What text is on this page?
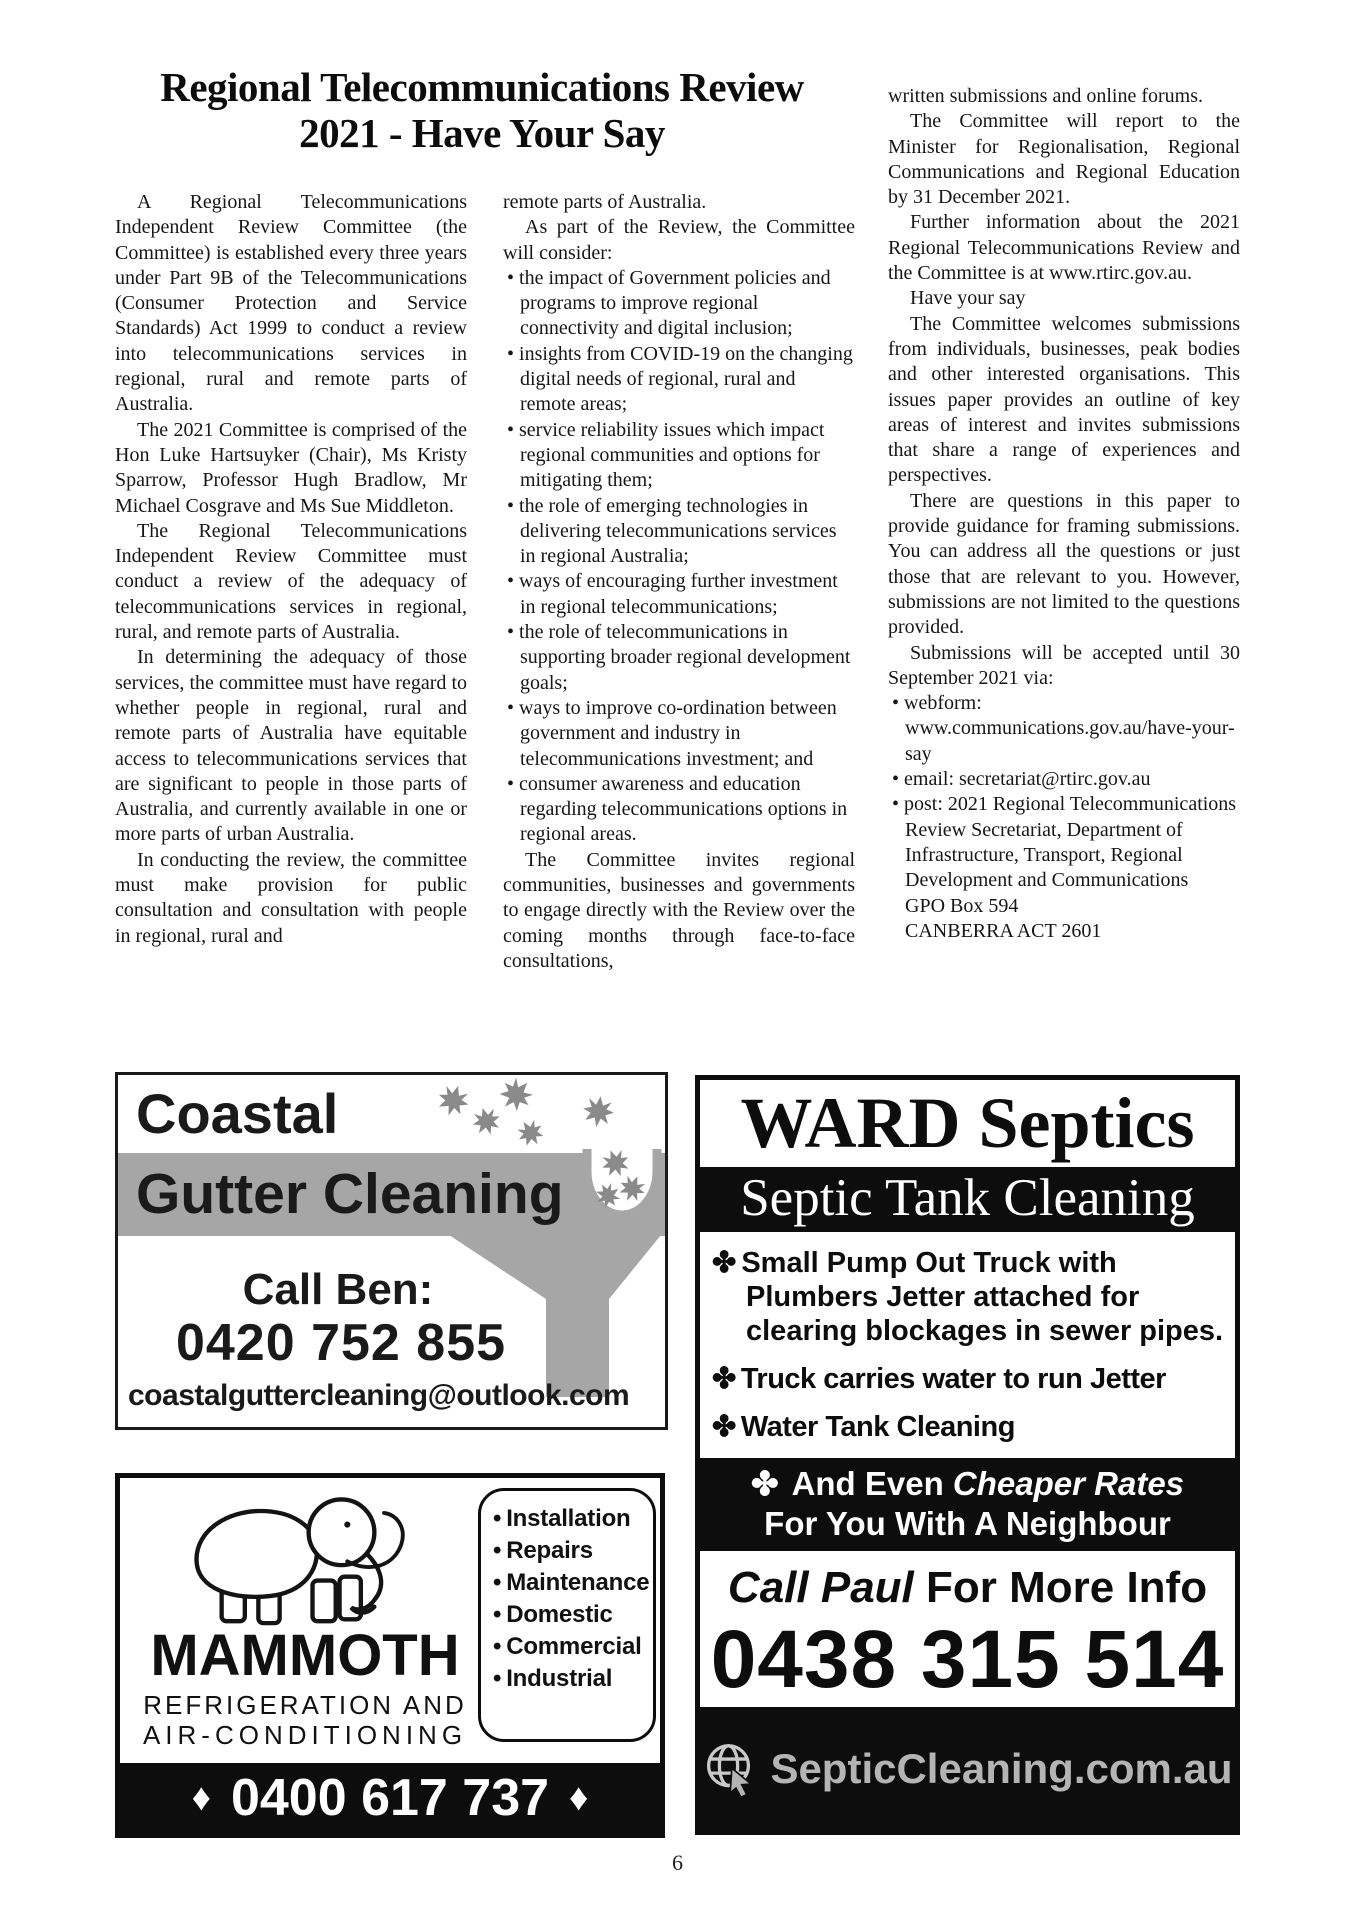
Regional Telecommunications Review
2021 - Have Your Say

A Regional Telecommunications Independent Review Committee (the Committee) is established every three years under Part 9B of the Telecommunications (Consumer Protection and Service Standards) Act 1999 to conduct a review into telecommunications services in regional, rural and remote parts of Australia.

The 2021 Committee is comprised of the Hon Luke Hartsuyker (Chair), Ms Kristy Sparrow, Professor Hugh Bradlow, Mr Michael Cosgrave and Ms Sue Middleton.

The Regional Telecommunications Independent Review Committee must conduct a review of the adequacy of telecommunications services in regional, rural, and remote parts of Australia.

In determining the adequacy of those services, the committee must have regard to whether people in regional, rural and remote parts of Australia have equitable access to telecommunications services that are significant to people in those parts of Australia, and currently available in one or more parts of urban Australia.

In conducting the review, the committee must make provision for public consultation and consultation with people in regional, rural and

remote parts of Australia.

As part of the Review, the Committee will consider:

• the impact of Government policies and programs to improve regional connectivity and digital inclusion;

• insights from COVID-19 on the changing digital needs of regional, rural and remote areas;

• service reliability issues which impact regional communities and options for mitigating them;

• the role of emerging technologies in delivering telecommunications services in regional Australia;

• ways of encouraging further investment in regional telecommunications;

• the role of telecommunications in supporting broader regional development goals;

• ways to improve co-ordination between government and industry in telecommunications investment; and

• consumer awareness and education regarding telecommunications options in regional areas.

The Committee invites regional communities, businesses and governments to engage directly with the Review over the coming months through face-to-face consultations,

written submissions and online forums.

The Committee will report to the Minister for Regionalisation, Regional Communications and Regional Education by 31 December 2021.

Further information about the 2021 Regional Telecommunications Review and the Committee is at www.rtirc.gov.au.

Have your say

The Committee welcomes submissions from individuals, businesses, peak bodies and other interested organisations. This issues paper provides an outline of key areas of interest and invites submissions that share a range of experiences and perspectives.

There are questions in this paper to provide guidance for framing submissions. You can address all the questions or just those that are relevant to you. However, submissions are not limited to the questions provided.

Submissions will be accepted until 30 September 2021 via:

• webform: www.communications.gov.au/have-your-say

• email: secretariat@rtirc.gov.au

• post: 2021 Regional Telecommunications Review Secretariat, Department of Infrastructure, Transport, Regional Development and Communications

GPO Box 594

CANBERRA ACT 2601

Coastal
Gutter Cleaning
Call Ben:
0420 752 855
coastalguttercleaning@outlook.com
WARD Septics
Septic Tank Cleaning

✤ Small Pump Out Truck with Plumbers Jetter attached for clearing blockages in sewer pipes.

✤ Truck carries water to run Jetter

✤ Water Tank Cleaning

✤ And Even Cheaper Rates
For You With A Neighbour
Call Paul For More Info
0438 315 514
SepticCleaning.com.au
MAMMOTH
REFRIGERATION AND
AIR-CONDITIONING

• Installation

• Repairs

• Maintenance

• Domestic

• Commercial

• Industrial

♦ 0400 617 737 ♦
6
